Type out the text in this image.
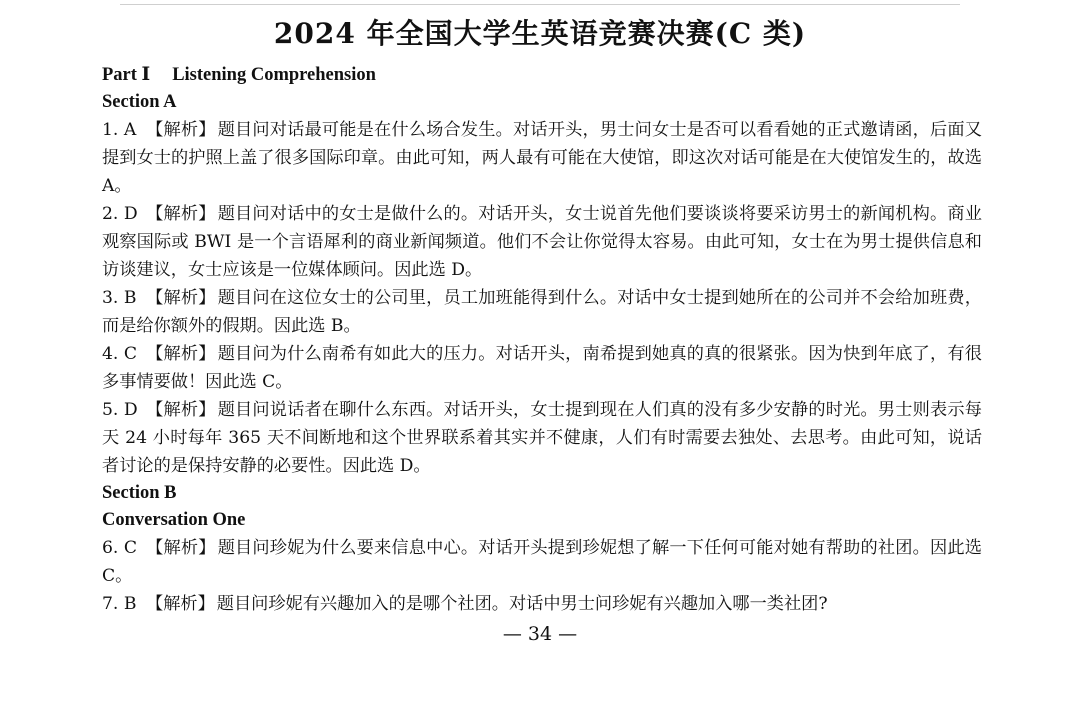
2024 年全国大学生英语竞赛决赛(C 类)
Part Ⅰ Listening Comprehension
Section A
1. A 【解析】 题目问对话最可能是在什么场合发生。对话开头，男士问女士是否可以看看她的正式邀请函，后面又提到女士的护照上盖了很多国际印章。由此可知，两人最有可能在大使馆，即这次对话可能是在大使馆发生的，故选 A。
2. D 【解析】 题目问对话中的女士是做什么的。对话开头，女士说首先他们要谈谈将要采访男士的新闻机构。商业观察国际或 BWI 是一个言语犀利的商业新闻频道。他们不会让你觉得太容易。由此可知，女士在为男士提供信息和访谈建议，女士应该是一位媒体顾问。因此选 D。
3. B 【解析】 题目问在这位女士的公司里，员工加班能得到什么。对话中女士提到她所在的公司并不会给加班费，而是给你额外的假期。因此选 B。
4. C 【解析】 题目问为什么南希有如此大的压力。对话开头，南希提到她真的真的很紧张。因为快到年底了，有很多事情要做！因此选 C。
5. D 【解析】 题目问说话者在聊什么东西。对话开头，女士提到现在人们真的没有多少安静的时光。男士则表示每天 24 小时每年 365 天不间断地和这个世界联系着其实并不健康，人们有时需要去独处、去思考。由此可知，说话者讨论的是保持安静的必要性。因此选 D。
Section B
Conversation One
6. C 【解析】 题目问珍妮为什么要来信息中心。对话开头提到珍妮想了解一下任何可能对她有帮助的社团。因此选 C。
7. B 【解析】 题目问珍妮有兴趣加入的是哪个社团。对话中男士问珍妮有兴趣加入哪一类社团?
— 34 —
